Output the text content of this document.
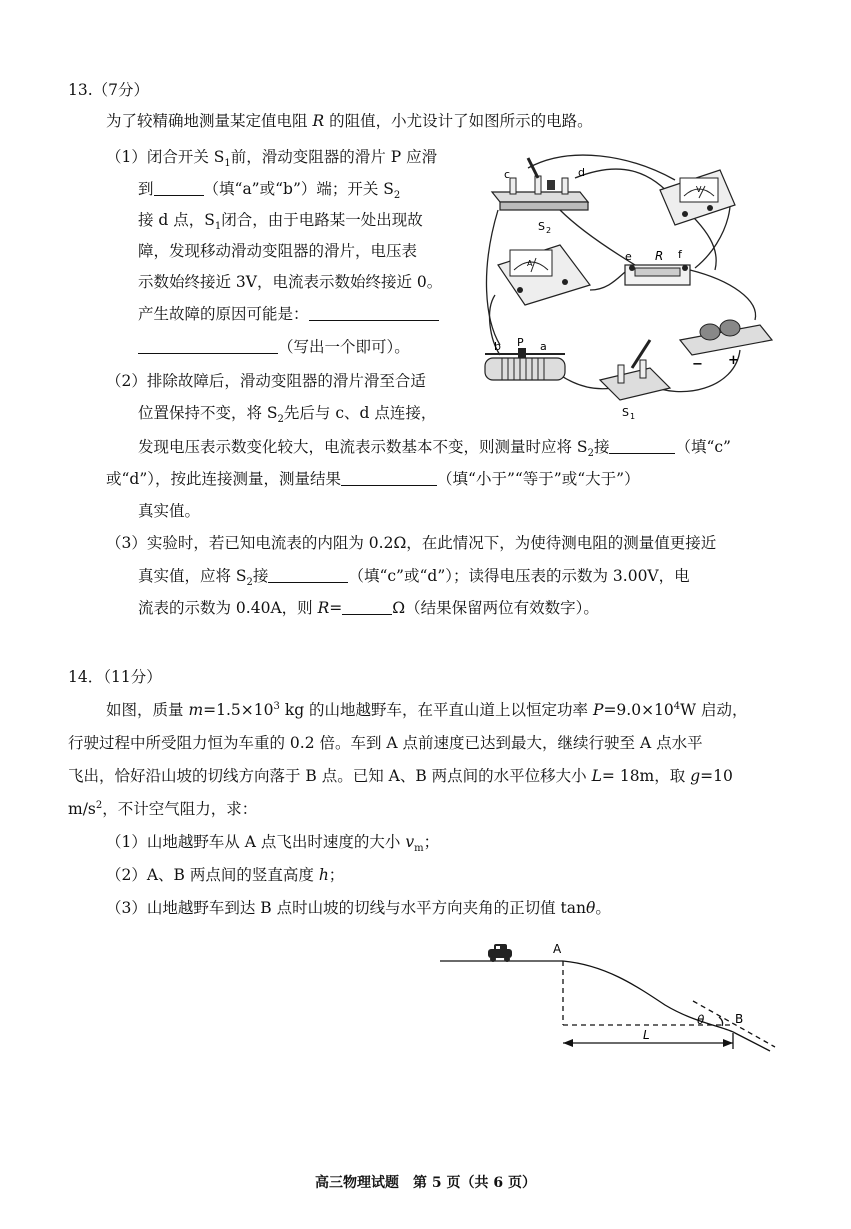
13.（7分）
为了较精确地测量某定值电阻 R 的阻值，小尤设计了如图所示的电路。
（1）闭合开关 $S_1$前，滑动变阻器的滑片 P 应滑
到	（填“a”或“b”）端；开关 $S_2$
接 d 点，$S_1$闭合，由于电路某一处出现故
障，发现移动滑动变阻器的滑片，电压表
示数始终接近 3V，电流表示数始终接近 0。
产生故障的原因可能是：
（写出一个即可）。
（2）排除故障后，滑动变阻器的滑片滑至合适
位置保持不变，将 $S_2$先后与 c、d 点连接，
发现电压表示数变化较大，电流表示数基本不变，则测量时应将 $S_2$接	（填“c”
或“d”），按此连接测量，测量结果	（填“小于”“等于”或“大于”）
真实值。
（3）实验时，若已知电流表的内阻为 0.2Ω，在此情况下，为使待测电阻的测量值更接近
真实值，应将 $S_2$接	（填“c”或“d”）；读得电压表的示数为 3.00V，电
流表的示数为 0.40A，则 R=	Ω（结果保留两位有效数字）。
c	d
S 2
V
A
e R f
− +
b P a
S 1
14．（11分）
如图，质量 $m=1.5\times 10^3$ kg 的山地越野车，在平直山道上以恒定功率 $P=9.0\times 10^4W$ 启动，
行驶过程中所受阻力恒为车重的 0.2 倍。车到 A 点前速度已达到最大，继续行驶至 A 点水平
飞出，恰好沿山坡的切线方向落于 B 点。已知 A、B 两点间的水平位移大小 L= 18m，取 g=10
$m/s^2$，不计空气阻力，求：
（1）山地越野车从 A 点飞出时速度的大小 $v_m$；
（2）A、B 两点间的竖直高度 h；
（3）山地越野车到达 B 点时山坡的切线与水平方向夹角的正切值 tanθ。
A
B
θ
L
高三物理试题　第 5 页（共 6 页）
